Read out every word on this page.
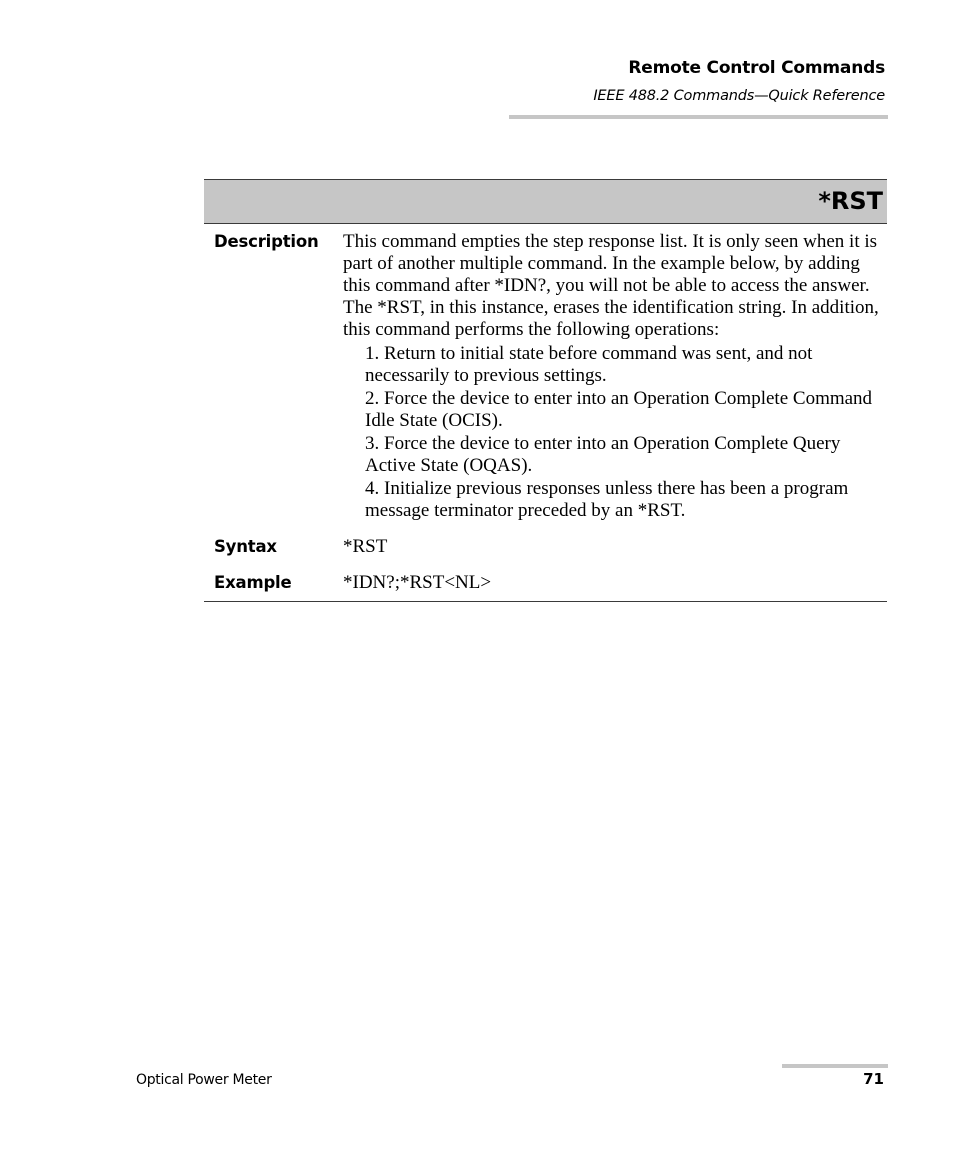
Remote Control Commands
IEEE 488.2 Commands—Quick Reference
*RST
Description	This command empties the step response list. It is only seen when it is part of another multiple command. In the example below, by adding this command after *IDN?, you will not be able to access the answer. The *RST, in this instance, erases the identification string. In addition, this command performs the following operations:
1. Return to initial state before command was sent, and not necessarily to previous settings.
2. Force the device to enter into an Operation Complete Command Idle State (OCIS).
3. Force the device to enter into an Operation Complete Query Active State (OQAS).
4. Initialize previous responses unless there has been a program message terminator preceded by an *RST.
Syntax	*RST
Example	*IDN?;*RST<NL>
Optical Power Meter	71
